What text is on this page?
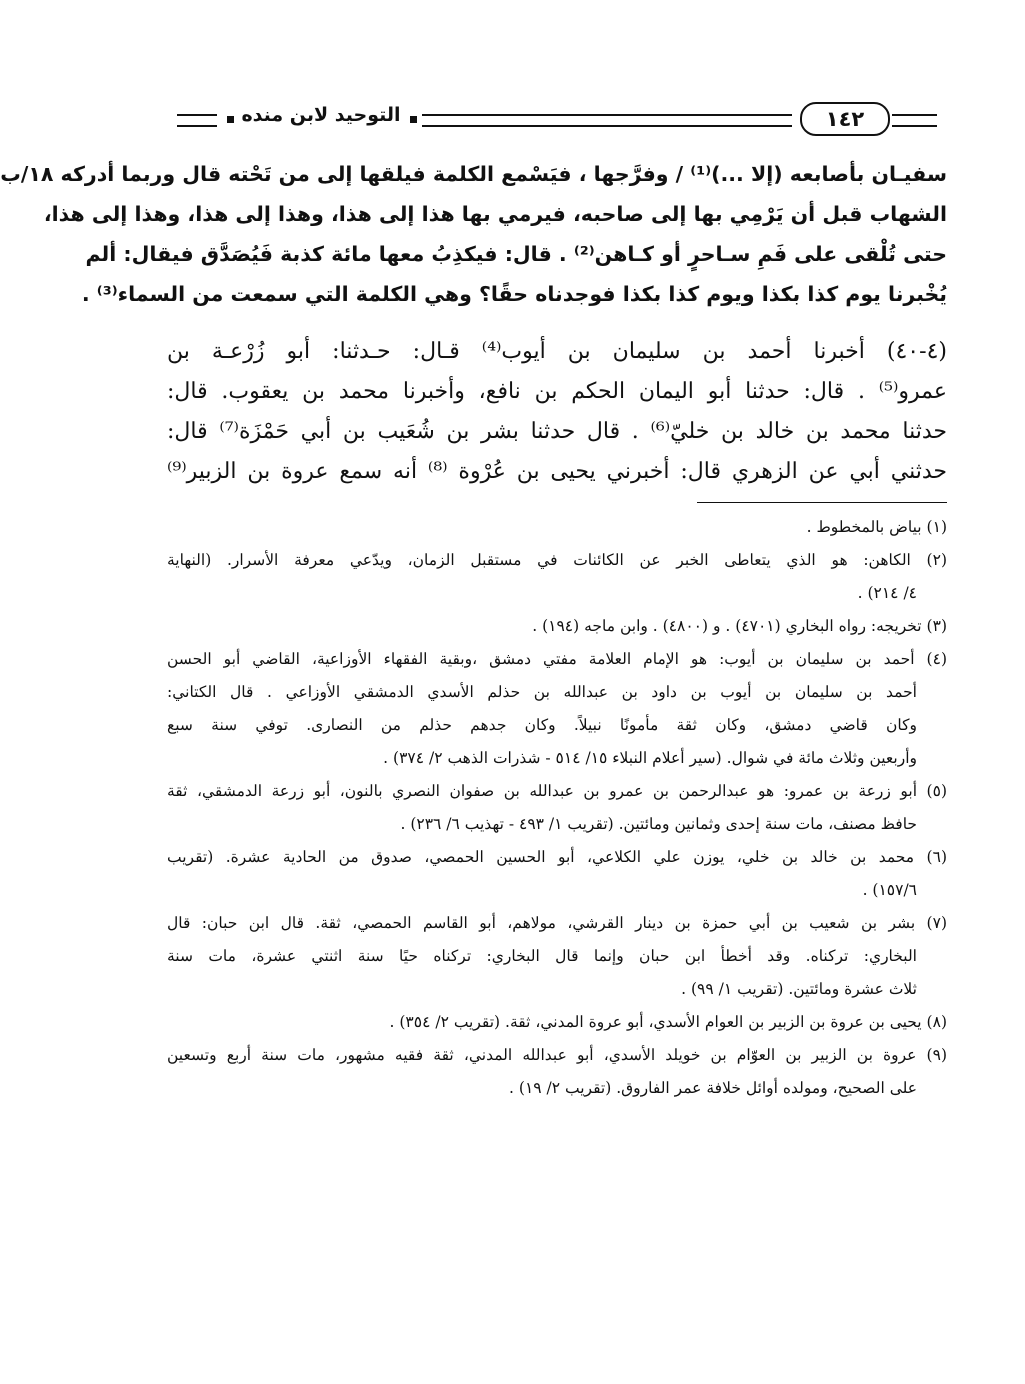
التوحيد لابن منده	١٤٢
سفيـان بأصابعه (إلا ...)⁽¹⁾ / وفرَّجها ، فيَسْمع الكلمة فيلقها إلى من تَحْته قال وربما أدركه ١٨/ب
الشهاب قبل أن يَرْمِي بها إلى صاحبه، فيرمي بها هذا إلى هذا، وهذا إلى هذا، وهذا إلى هذا،
حتى تُلْقى على فَمِ سـاحرٍ أو كـاهن⁽²⁾ . قال: فيكذِبُ معها مائة كذبة فَيُصَدَّق فيقال: ألم
يُخْبرنا يوم كذا بكذا ويوم كذا بكذا فوجدناه حقًا؟ وهي الكلمة التي سمعت من السماء⁽³⁾ .
(٤-٤٠) أخبرنا أحمد بن سليمان بن أيوب⁽⁴⁾ قـال: حـدثنا: أبو زُرْعـة بن
عمرو⁽⁵⁾ . قال: حدثنا أبو اليمان الحكم بن نافع، وأخبرنا محمد بن يعقوب. قال:
حدثنا محمد بن خالد بن خليّ⁽⁶⁾ . قال حدثنا بشر بن شُعَيب بن أبي حَمْزَة⁽⁷⁾ قال:
حدثني أبي عن الزهري قال: أخبرني يحيى بن عُرْوة ⁽⁸⁾ أنه سمع عروة بن الزبير⁽⁹⁾
(١) بياض بالمخطوط .
(٢) الكاهن: هو الذي يتعاطى الخبر عن الكائنات في مستقبل الزمان، ويدّعي معرفة الأسرار. (النهاية
٤/ ٢١٤) .
(٣) تخريجه: رواه البخاري (٤٧٠١) . و (٤٨٠٠) . وابن ماجه (١٩٤) .
(٤) أحمد بن سليمان بن أيوب: هو الإمام العلامة مفتي دمشق ،وبقية الفقهاء الأوزاعية، القاضي أبو الحسن
أحمد بن سليمان بن أيوب بن داود بن عبدالله بن حذلم الأسدي الدمشقي الأوزاعي . قال الكتاني:
وكان قاضي دمشق، وكان ثقة مأمونًا نبيلاً. وكان جدهم حذلم من النصارى. توفي سنة سبع
وأربعين وثلاث مائة في شوال. (سير أعلام النبلاء ١٥/ ٥١٤ - شذرات الذهب ٢/ ٣٧٤) .
(٥) أبو زرعة بن عمرو: هو عبدالرحمن بن عمرو بن عبدالله بن صفوان النصري بالنون، أبو زرعة الدمشقي، ثقة
حافظ مصنف، مات سنة إحدى وثمانين ومائتين. (تقريب ١/ ٤٩٣ - تهذيب ٦/ ٢٣٦) .
(٦) محمد بن خالد بن خلي، يوزن علي الكلاعي، أبو الحسين الحمصي، صدوق من الحادية عشرة. (تقريب
١٥٧/٦) .
(٧) بشر بن شعيب بن أبي حمزة بن دينار القرشي، مولاهم، أبو القاسم الحمصي، ثقة. قال ابن حبان: قال
البخاري: تركناه. وقد أخطأ ابن حبان وإنما قال البخاري: تركناه حيًا سنة اثنتي عشرة، مات سنة
ثلاث عشرة ومائتين. (تقريب ١/ ٩٩) .
(٨) يحيى بن عروة بن الزبير بن العوام الأسدي، أبو عروة المدني، ثقة. (تقريب ٢/ ٣٥٤) .
(٩) عروة بن الزبير بن العوّام بن خويلد الأسدي، أبو عبدالله المدني، ثقة فقيه مشهور، مات سنة أربع وتسعين
على الصحيح، ومولده أوائل خلافة عمر الفاروق. (تقريب ٢/ ١٩) .
